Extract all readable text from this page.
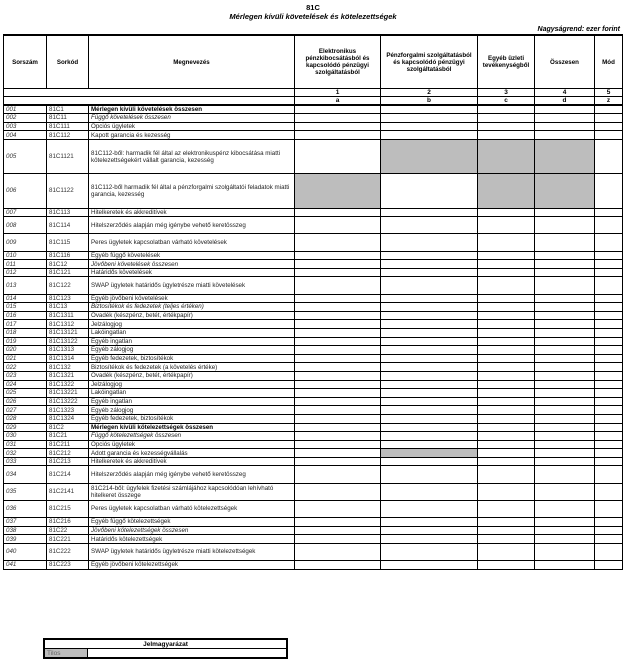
81C
Mérlegen kívüli követelések és kötelezettségek
Nagyságrend: ezer forint
Sorszám	Sorkód	Megnevezés	Elektronikus pénzkibocsátásból és kapcsolódó pénzügyi szolgáltatásból	Pénzforgalmi szolgáltatásból és kapcsolódó pénzügyi szolgáltatásból	Egyéb üzleti tevékenységből	Összesen	Mód
			1	2	3	4	5
			a	b	c	d	z
001	81C1	Mérlegen kívüli követelések összesen					
002	81C11	Függő követelések összesen					
003	81C111	Opciós ügyletek					
004	81C112	Kapott garancia és kezesség					
005	81C1121	81C112-ből: harmadik fél által az elektronikuspénz kibocsátása miatti kötelezettségekért vállalt garancia, kezesség					
006	81C1122	81C112-ből harmadik fél által a pénzforgalmi szolgáltatói feladatok miatti garancia, kezesség					
007	81C113	Hitelkeretek és akkreditívek					
008	81C114	Hitelszerződés alapján még igénybe vehető keretösszeg					
009	81C115	Peres ügyletek kapcsolatban várható követelések					
010	81C116	Egyéb függő követelések					
011	81C12	Jövőbeni követelések összesen					
012	81C121	Határidős követelések					
013	81C122	SWAP ügyletek határidős ügyletrésze miatti követelések					
014	81C123	Egyéb jövőbeni követelések					
015	81C13	Biztosítékok és fedezetek (teljes értéken)					
016	81C1311	Óvadék (készpénz, betét, értékpapír)					
017	81C1312	Jelzálogjog					
018	81C13121	Lakóingatlan					
019	81C13122	Egyéb ingatlan					
020	81C1313	Egyéb zálogjog					
021	81C1314	Egyéb fedezetek, biztosítékok					
022	81C132	Biztosítékok és fedezetek (a követelés értéke)					
023	81C1321	Óvadék (készpénz, betét, értékpapír)					
024	81C1322	Jelzálogjog					
025	81C13221	Lakóingatlan					
026	81C13222	Egyéb ingatlan					
027	81C1323	Egyéb zálogjog					
028	81C1324	Egyéb fedezetek, biztosítékok					
029	81C2	Mérlegen kívüli kötelezettségek összesen					
030	81C21	Függő kötelezettségek összesen					
031	81C211	Opciós ügyletek					
032	81C212	Adott garancia és kezességvállalás					
033	81C213	Hitelkeretek és akkreditívek					
034	81C214	Hitelszerződés alapján még igénybe vehető keretösszeg					
035	81C2141	81C214-ből: ügyfelek fizetési számlájához kapcsolódóan lehívható hitelkeret összege					
036	81C215	Peres ügyletek kapcsolatban várható kötelezettségek					
037	81C216	Egyéb függő kötelezettségek					
038	81C22	Jövőbeni kötelezettségek összesen					
039	81C221	Határidős kötelezettségek					
040	81C222	SWAP ügyletek határidős ügyletrésze miatti kötelezettségek					
041	81C223	Egyéb jövőbeni kötelezettségek					
Jelmagyarázat
Tilos	
